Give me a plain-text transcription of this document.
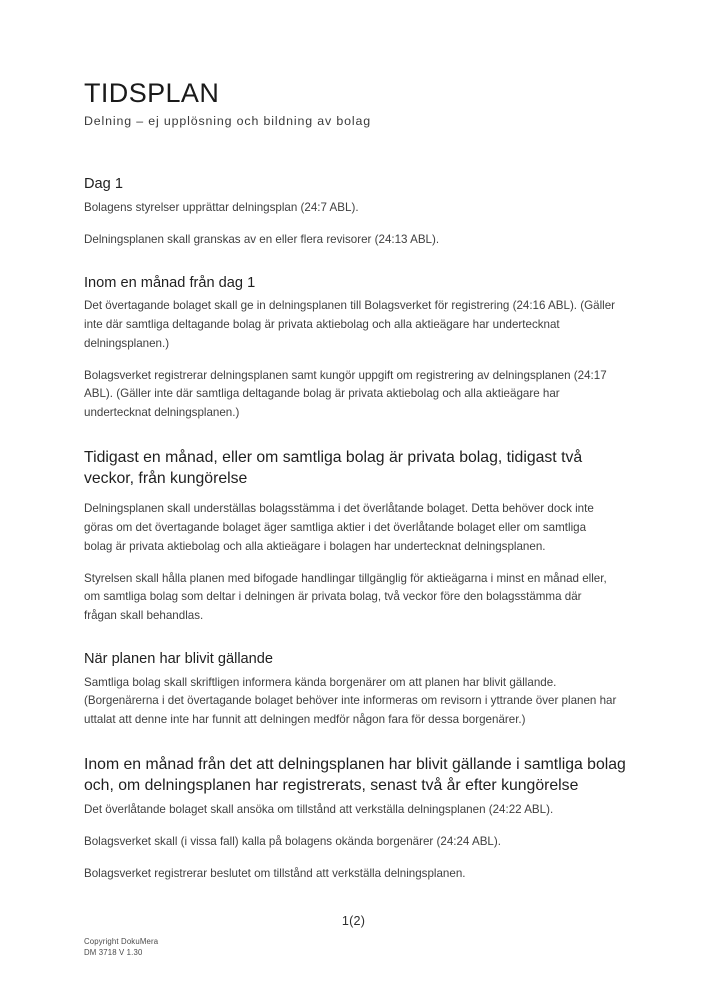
TIDSPLAN

Delning – ej upplösning och bildning av bolag

Dag 1

Bolagens styrelser upprättar delningsplan (24:7 ABL).

Delningsplanen skall granskas av en eller flera revisorer (24:13 ABL).

Inom en månad från dag 1

Det övertagande bolaget skall ge in delningsplanen till Bolagsverket för registrering (24:16 ABL). (Gäller inte där samtliga deltagande bolag är privata aktiebolag och alla aktieägare har undertecknat delningsplanen.)

Bolagsverket registrerar delningsplanen samt kungör uppgift om registrering av delningsplanen (24:17 ABL). (Gäller inte där samtliga deltagande bolag är privata aktiebolag och alla aktieägare har undertecknat delningsplanen.)

Tidigast en månad, eller om samtliga bolag är privata bolag, tidigast två veckor, från kungörelse

Delningsplanen skall underställas bolagsstämma i det överlåtande bolaget. Detta behöver dock inte göras om det övertagande bolaget äger samtliga aktier i det överlåtande bolaget eller om samtliga bolag är privata aktiebolag och alla aktieägare i bolagen har undertecknat delningsplanen.

Styrelsen skall hålla planen med bifogade handlingar tillgänglig för aktieägarna i minst en månad eller, om samtliga bolag som deltar i delningen är privata bolag, två veckor före den bolagsstämma där frågan skall behandlas.

När planen har blivit gällande

Samtliga bolag skall skriftligen informera kända borgenärer om att planen har blivit gällande. (Borgenärerna i det övertagande bolaget behöver inte informeras om revisorn i yttrande över planen har uttalat att denne inte har funnit att delningen medför någon fara för dessa borgenärer.)

Inom en månad från det att delningsplanen har blivit gällande i samtliga bolag och, om delningsplanen har registrerats, senast två år efter kungörelse

Det överlåtande bolaget skall ansöka om tillstånd att verkställa delningsplanen (24:22 ABL).

Bolagsverket skall (i vissa fall) kalla på bolagens okända borgenärer (24:24 ABL).

Bolagsverket registrerar beslutet om tillstånd att verkställa delningsplanen.

1(2)
Copyright DokuMera
DM 3718 V 1.30
